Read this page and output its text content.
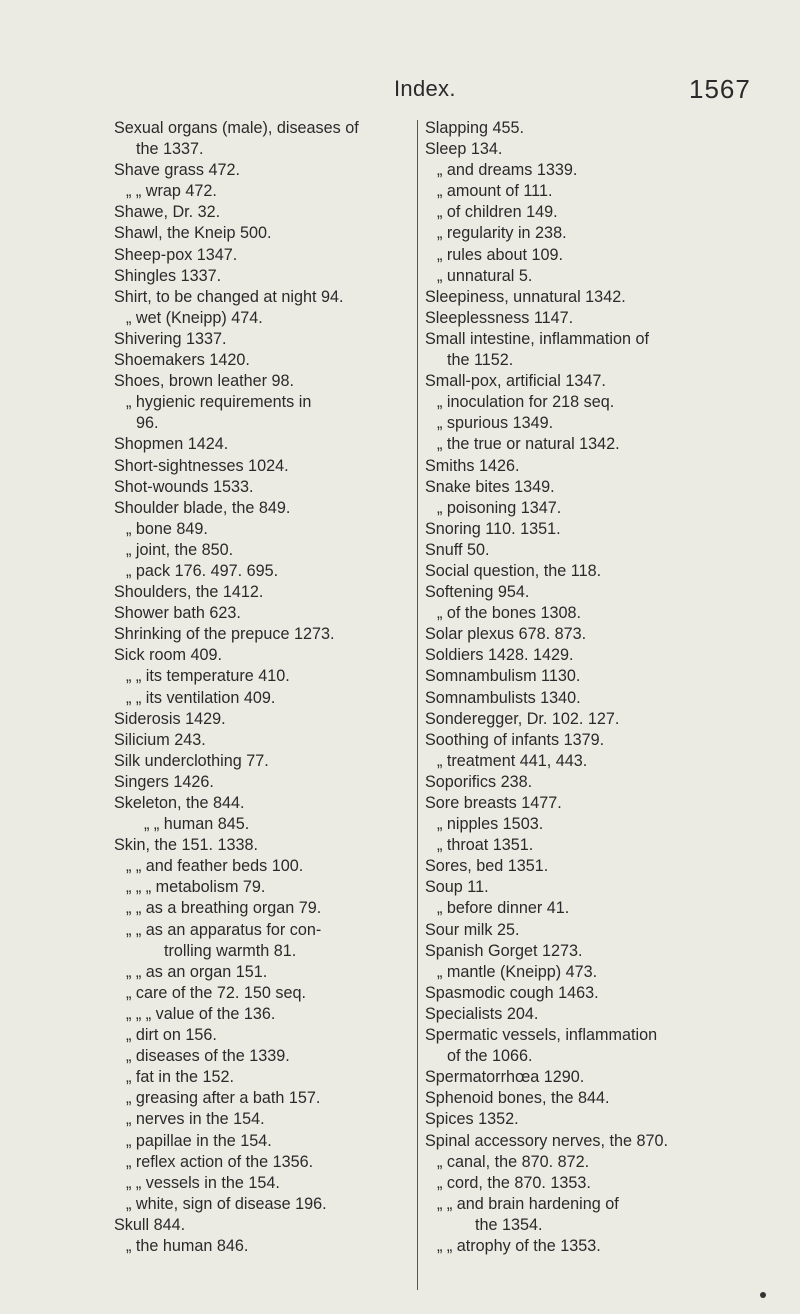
Index.	1567
Sexual organs (male), diseases of
the 1337.
Shave grass 472.
„ „ wrap 472.
Shawe, Dr. 32.
Shawl, the Kneip 500.
Sheep-pox 1347.
Shingles 1337.
Shirt, to be changed at night 94.
„ wet (Kneipp) 474.
Shivering 1337.
Shoemakers 1420.
Shoes, brown leather 98.
„ hygienic requirements in
96.
Shopmen 1424.
Short-sightnesses 1024.
Shot-wounds 1533.
Shoulder blade, the 849.
„ bone 849.
„ joint, the 850.
„ pack 176. 497. 695.
Shoulders, the 1412.
Shower bath 623.
Shrinking of the prepuce 1273.
Sick room 409.
„ „ its temperature 410.
„ „ its ventilation 409.
Siderosis 1429.
Silicium 243.
Silk underclothing 77.
Singers 1426.
Skeleton, the 844.
„ „ human 845.
Skin, the 151. 1338.
„ „ and feather beds 100.
„ „ „ metabolism 79.
„ „ as a breathing organ 79.
„ „ as an apparatus for con-
trolling warmth 81.
„ „ as an organ 151.
„ care of the 72. 150 seq.
„ „ „ value of the 136.
„ dirt on 156.
„ diseases of the 1339.
„ fat in the 152.
„ greasing after a bath 157.
„ nerves in the 154.
„ papillae in the 154.
„ reflex action of the 1356.
„ „ vessels in the 154.
„ white, sign of disease 196.
Skull 844.
„ the human 846.
Slapping 455.
Sleep 134.
„ and dreams 1339.
„ amount of 111.
„ of children 149.
„ regularity in 238.
„ rules about 109.
„ unnatural 5.
Sleepiness, unnatural 1342.
Sleeplessness 1147.
Small intestine, inflammation of
the 1152.
Small-pox, artificial 1347.
„ inoculation for 218 seq.
„ spurious 1349.
„ the true or natural 1342.
Smiths 1426.
Snake bites 1349.
„ poisoning 1347.
Snoring 110. 1351.
Snuff 50.
Social question, the 118.
Softening 954.
„ of the bones 1308.
Solar plexus 678. 873.
Soldiers 1428. 1429.
Somnambulism 1130.
Somnambulists 1340.
Sonderegger, Dr. 102. 127.
Soothing of infants 1379.
„ treatment 441, 443.
Soporifics 238.
Sore breasts 1477.
„ nipples 1503.
„ throat 1351.
Sores, bed 1351.
Soup 11.
„ before dinner 41.
Sour milk 25.
Spanish Gorget 1273.
„ mantle (Kneipp) 473.
Spasmodic cough 1463.
Specialists 204.
Spermatic vessels, inflammation
of the 1066.
Spermatorrhœa 1290.
Sphenoid bones, the 844.
Spices 1352.
Spinal accessory nerves, the 870.
„ canal, the 870. 872.
„ cord, the 870. 1353.
„ „ and brain hardening of
the 1354.
„ „ atrophy of the 1353.
